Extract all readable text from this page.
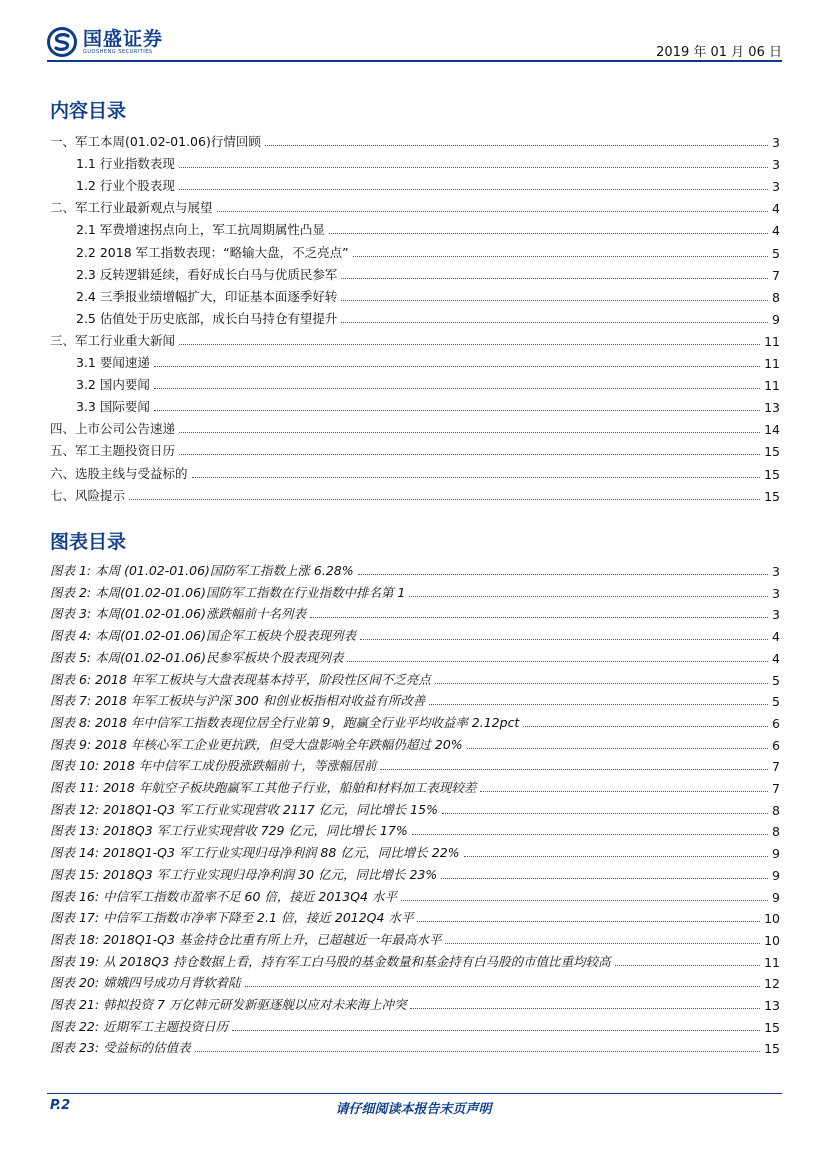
国盛证券
GUOSHENG SECURITIES	2019 年 01 月 06 日
内容目录
一、军工本周(01.02-01.06)行情回顾	3
1.1 行业指数表现	3
1.2 行业个股表现	3
二、军工行业最新观点与展望	4
2.1 军费增速拐点向上，军工抗周期属性凸显	4
2.2 2018 军工指数表现：“略输大盘，不乏亮点”	5
2.3 反转逻辑延续，看好成长白马与优质民参军	7
2.4 三季报业绩增幅扩大，印证基本面逐季好转	8
2.5 估值处于历史底部，成长白马持仓有望提升	9
三、军工行业重大新闻	11
3.1 要闻速递	11
3.2 国内要闻	11
3.3 国际要闻	13
四、上市公司公告速递	14
五、军工主题投资日历	15
六、选股主线与受益标的	15
七、风险提示	15
图表目录
图表 1: 本周 (01.02-01.06)国防军工指数上涨 6.28%	3
图表 2: 本周(01.02-01.06)国防军工指数在行业指数中排名第 1	3
图表 3: 本周(01.02-01.06)涨跌幅前十名列表	3
图表 4: 本周(01.02-01.06)国企军工板块个股表现列表	4
图表 5: 本周(01.02-01.06)民参军板块个股表现列表	4
图表 6: 2018 年军工板块与大盘表现基本持平，阶段性区间不乏亮点	5
图表 7: 2018 年军工板块与沪深 300 和创业板指相对收益有所改善	5
图表 8: 2018 年中信军工指数表现位居全行业第 9，跑赢全行业平均收益率 2.12pct	6
图表 9: 2018 年核心军工企业更抗跌，但受大盘影响全年跌幅仍超过 20%	6
图表 10: 2018 年中信军工成份股涨跌幅前十，等涨幅居前	7
图表 11: 2018 年航空子板块跑赢军工其他子行业，船舶和材料加工表现较差	7
图表 12: 2018Q1-Q3 军工行业实现营收 2117 亿元，同比增长 15%	8
图表 13: 2018Q3 军工行业实现营收 729 亿元，同比增长 17%	8
图表 14: 2018Q1-Q3 军工行业实现归母净利润 88 亿元，同比增长 22%	9
图表 15: 2018Q3 军工行业实现归母净利润 30 亿元，同比增长 23%	9
图表 16: 中信军工指数市盈率不足 60 倍，接近 2013Q4 水平	9
图表 17: 中信军工指数市净率下降至 2.1 倍，接近 2012Q4 水平	10
图表 18: 2018Q1-Q3 基金持仓比重有所上升，已超越近一年最高水平	10
图表 19: 从 2018Q3 持仓数据上看，持有军工白马股的基金数量和基金持有白马股的市值比重均较高	11
图表 20: 嫦娥四号成功月背软着陆	12
图表 21: 韩拟投资 7 万亿韩元研发新驱逐舰以应对未来海上冲突	13
图表 22: 近期军工主题投资日历	15
图表 23: 受益标的估值表	15
P.2	请仔细阅读本报告末页声明
